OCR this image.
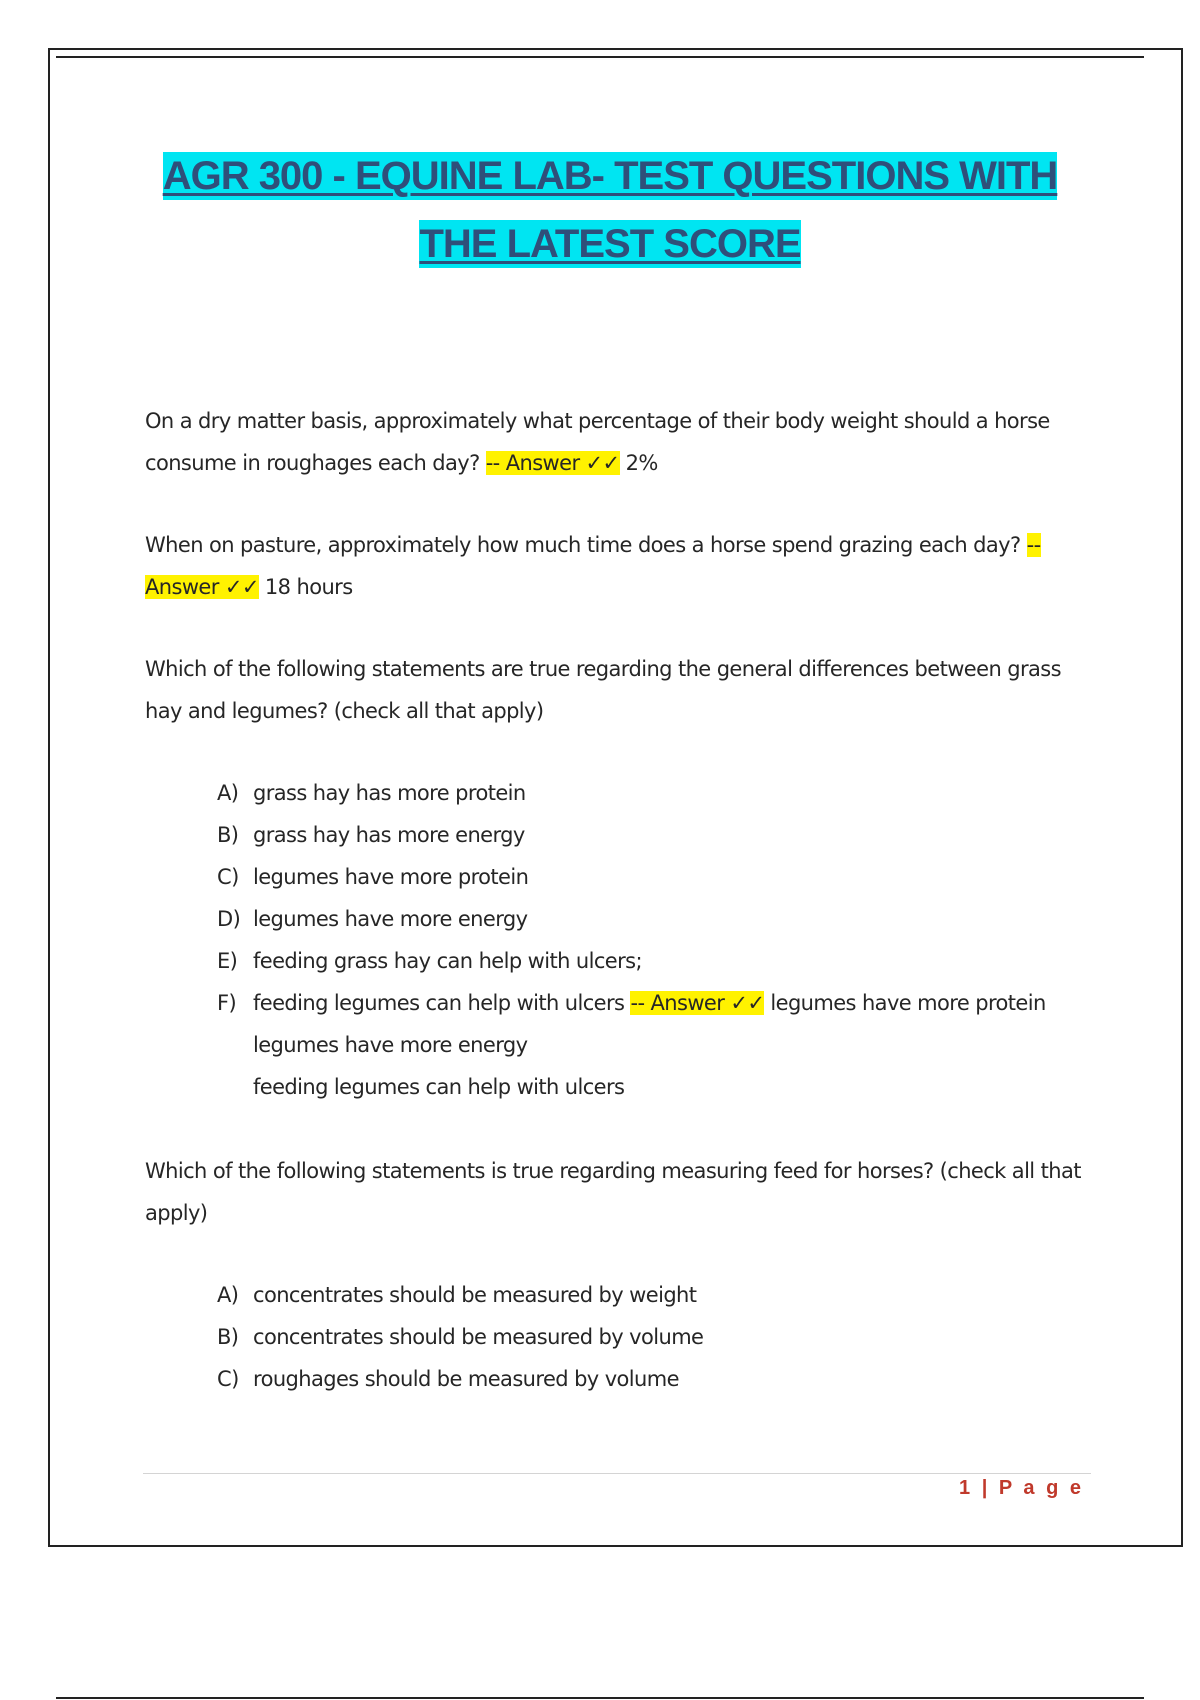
AGR 300 - EQUINE LAB- TEST QUESTIONS WITH THE LATEST SCORE

On a dry matter basis, approximately what percentage of their body weight should a horse consume in roughages each day? -- Answer ✓✓ 2%

When on pasture, approximately how much time does a horse spend grazing each day? -- Answer ✓✓ 18 hours

Which of the following statements are true regarding the general differences between grass hay and legumes? (check all that apply)

A) grass hay has more protein
B) grass hay has more energy
C) legumes have more protein
D) legumes have more energy
E) feeding grass hay can help with ulcers;
F) feeding legumes can help with ulcers -- Answer ✓✓ legumes have more protein
legumes have more energy
feeding legumes can help with ulcers

Which of the following statements is true regarding measuring feed for horses? (check all that apply)

A) concentrates should be measured by weight
B) concentrates should be measured by volume
C) roughages should be measured by volume
1 | P a g e
